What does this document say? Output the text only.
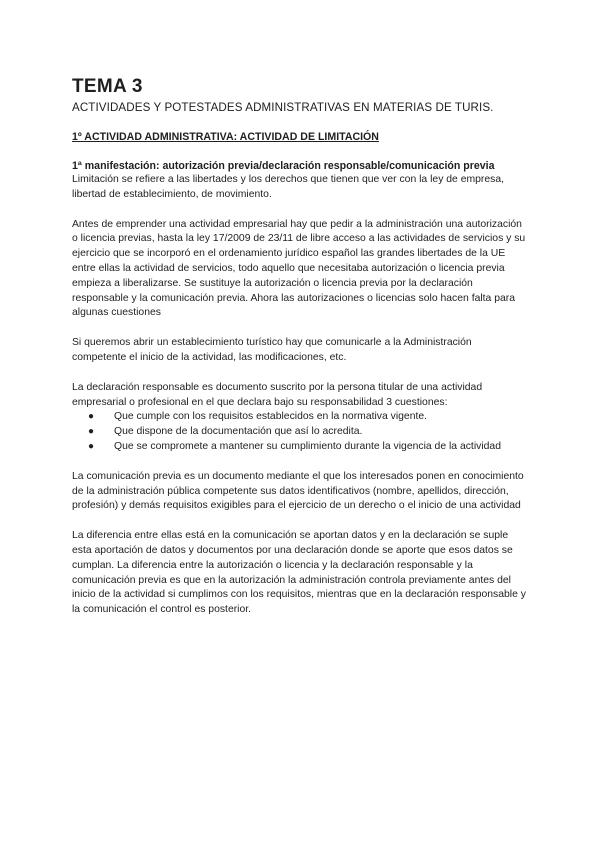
TEMA 3
ACTIVIDADES Y POTESTADES ADMINISTRATIVAS EN MATERIAS DE TURIS.
1º ACTIVIDAD ADMINISTRATIVA: ACTIVIDAD DE LIMITACIÓN
1ª manifestación: autorización previa/declaración responsable/comunicación previa

Limitación se refiere a las libertades y los derechos que tienen que ver con la ley de empresa, libertad de establecimiento, de movimiento.

Antes de emprender una actividad empresarial hay que pedir a la administración una autorización o licencia previas, hasta la ley 17/2009 de 23/11 de libre acceso a las actividades de servicios y su ejercicio que se incorporó en el ordenamiento jurídico español las grandes libertades de la UE entre ellas la actividad de servicios, todo aquello que necesitaba autorización o licencia previa empieza a liberalizarse. Se sustituye la autorización o licencia previa por la declaración responsable y la comunicación previa. Ahora las autorizaciones o licencias solo hacen falta para algunas cuestiones

Si queremos abrir un establecimiento turístico hay que comunicarle a la Administración competente el inicio de la actividad, las modificaciones, etc.

La declaración responsable es documento suscrito por la persona titular de una actividad empresarial o profesional en el que declara bajo su responsabilidad 3 cuestiones:

● Que cumple con los requisitos establecidos en la normativa vigente.
● Que dispone de la documentación que así lo acredita.
● Que se compromete a mantener su cumplimiento durante la vigencia de la actividad

La comunicación previa es un documento mediante el que los interesados ponen en conocimiento de la administración pública competente sus datos identificativos (nombre, apellidos, dirección, profesión) y demás requisitos exigibles para el ejercicio de un derecho o el inicio de una actividad

La diferencia entre ellas está en la comunicación se aportan datos y en la declaración se suple esta aportación de datos y documentos por una declaración donde se aporte que esos datos se cumplan. La diferencia entre la autorización o licencia y la declaración responsable y la comunicación previa es que en la autorización la administración controla previamente antes del inicio de la actividad si cumplimos con los requisitos, mientras que en la declaración responsable y la comunicación el control es posterior.
